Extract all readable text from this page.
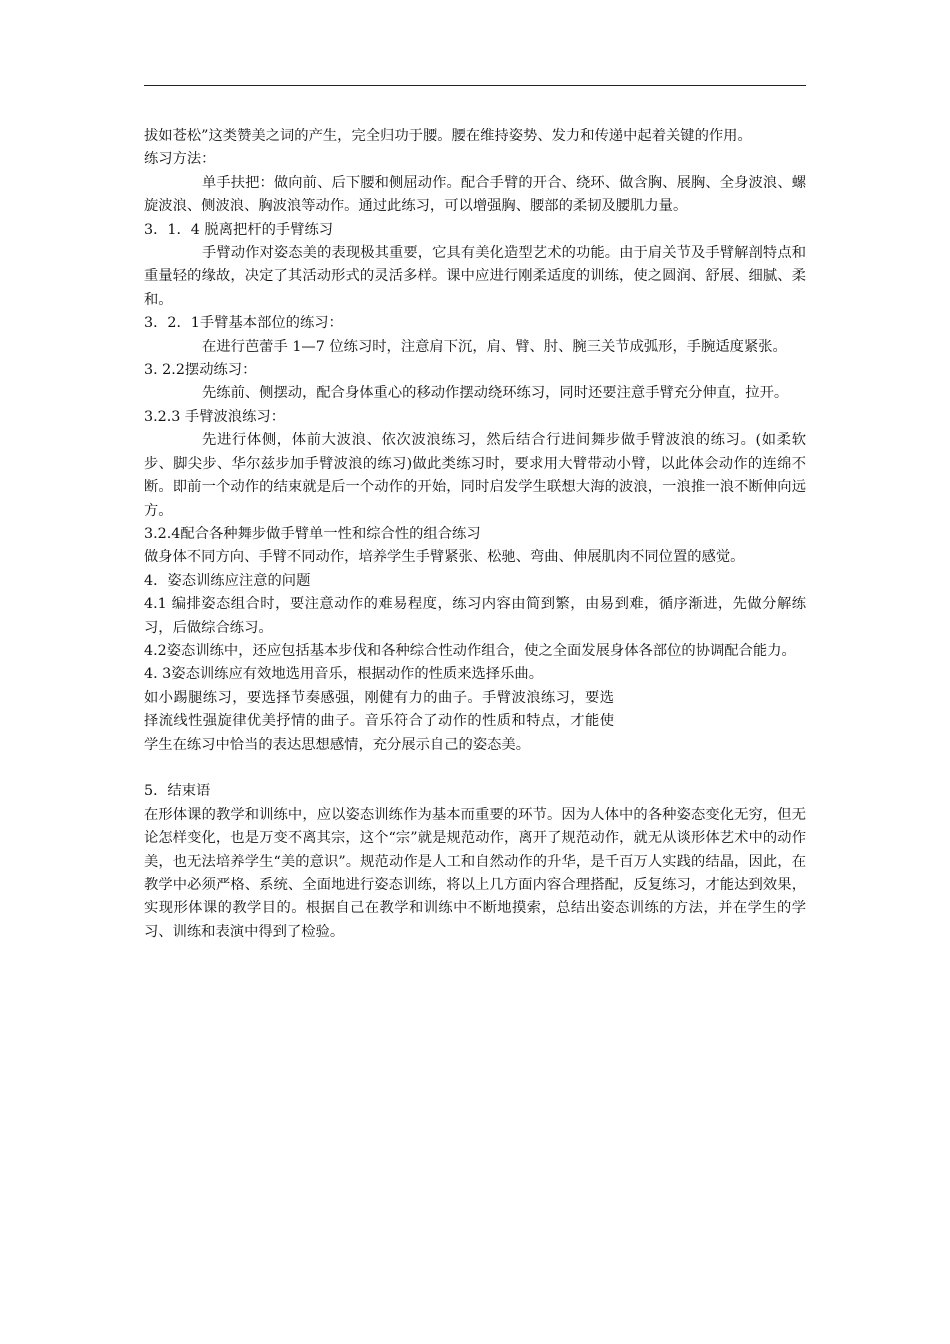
拔如苍松”这类赞美之词的产生，完全归功于腰。腰在维持姿势、发力和传递中起着关键的作用。

练习方法：

单手扶把：做向前、后下腰和侧屈动作。配合手臂的开合、绕环、做含胸、展胸、全身波浪、螺旋波浪、侧波浪、胸波浪等动作。通过此练习，可以增强胸、腰部的柔韧及腰肌力量。

3．1．4 脱离把杆的手臂练习

手臂动作对姿态美的表现极其重要，它具有美化造型艺术的功能。由于肩关节及手臂解剖特点和重量轻的缘故，决定了其活动形式的灵活多样。课中应进行刚柔适度的训练，使之圆润、舒展、细腻、柔和。

3．2．1手臂基本部位的练习：

在进行芭蕾手 1—7 位练习时，注意肩下沉，肩、臂、肘、腕三关节成弧形，手腕适度紧张。

3. 2.2摆动练习：

先练前、侧摆动，配合身体重心的移动作摆动绕环练习，同时还要注意手臂充分伸直，拉开。

3.2.3 手臂波浪练习：

先进行体侧，体前大波浪、依次波浪练习，然后结合行进间舞步做手臂波浪的练习。(如柔软步、脚尖步、华尔兹步加手臂波浪的练习)做此类练习时，要求用大臂带动小臂，以此体会动作的连绵不断。即前一个动作的结束就是后一个动作的开始，同时启发学生联想大海的波浪，一浪推一浪不断伸向远方。

3.2.4配合各种舞步做手臂单一性和综合性的组合练习

做身体不同方向、手臂不同动作，培养学生手臂紧张、松驰、弯曲、伸展肌肉不同位置的感觉。

4．姿态训练应注意的问题

4.1 编排姿态组合时，要注意动作的难易程度，练习内容由简到繁，由易到难，循序渐进，先做分解练习，后做综合练习。

4.2姿态训练中，还应包括基本步伐和各种综合性动作组合，使之全面发展身体各部位的协调配合能力。

4. 3姿态训练应有效地选用音乐，根据动作的性质来选择乐曲。

如小踢腿练习，要选择节奏感强，刚健有力的曲子。手臂波浪练习，要选择流线性强旋律优美抒情的曲子。音乐符合了动作的性质和特点，才能使学生在练习中恰当的表达思想感情，充分展示自己的姿态美。

5．结束语

在形体课的教学和训练中，应以姿态训练作为基本而重要的环节。因为人体中的各种姿态变化无穷，但无论怎样变化，也是万变不离其宗，这个“宗”就是规范动作，离开了规范动作，就无从谈形体艺术中的动作美，也无法培养学生“美的意识”。规范动作是人工和自然动作的升华，是千百万人实践的结晶，因此，在教学中必须严格、系统、全面地进行姿态训练，将以上几方面内容合理搭配，反复练习，才能达到效果，实现形体课的教学目的。根据自己在教学和训练中不断地摸索，总结出姿态训练的方法，并在学生的学习、训练和表演中得到了检验。
